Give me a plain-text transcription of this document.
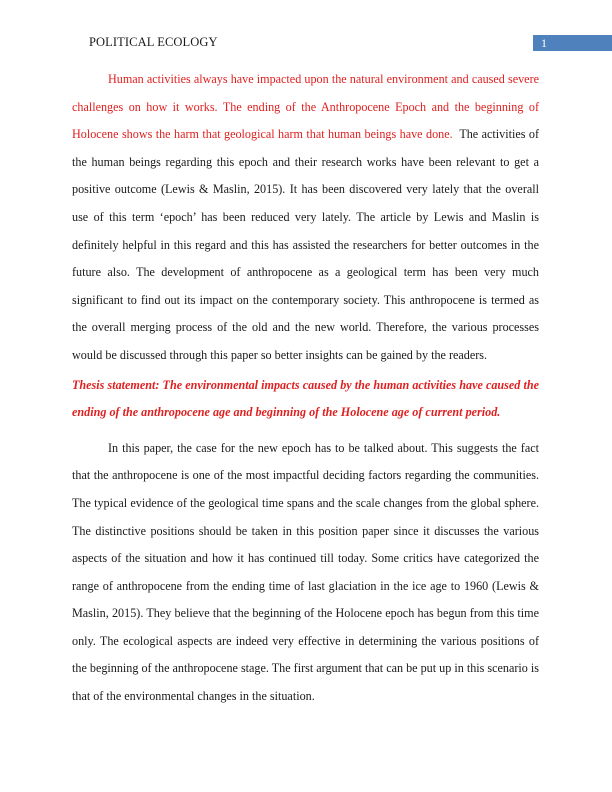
POLITICAL ECOLOGY	1

Human activities always have impacted upon the natural environment and caused severe challenges on how it works. The ending of the Anthropocene Epoch and the beginning of Holocene shows the harm that geological harm that human beings have done. The activities of the human beings regarding this epoch and their research works have been relevant to get a positive outcome (Lewis & Maslin, 2015). It has been discovered very lately that the overall use of this term ‘epoch’ has been reduced very lately. The article by Lewis and Maslin is definitely helpful in this regard and this has assisted the researchers for better outcomes in the future also. The development of anthropocene as a geological term has been very much significant to find out its impact on the contemporary society. This anthropocene is termed as the overall merging process of the old and the new world. Therefore, the various processes would be discussed through this paper so better insights can be gained by the readers.

Thesis statement: The environmental impacts caused by the human activities have caused the ending of the anthropocene age and beginning of the Holocene age of current period.

In this paper, the case for the new epoch has to be talked about. This suggests the fact that the anthropocene is one of the most impactful deciding factors regarding the communities. The typical evidence of the geological time spans and the scale changes from the global sphere. The distinctive positions should be taken in this position paper since it discusses the various aspects of the situation and how it has continued till today. Some critics have categorized the range of anthropocene from the ending time of last glaciation in the ice age to 1960 (Lewis & Maslin, 2015). They believe that the beginning of the Holocene epoch has begun from this time only. The ecological aspects are indeed very effective in determining the various positions of the beginning of the anthropocene stage. The first argument that can be put up in this scenario is that of the environmental changes in the situation.
